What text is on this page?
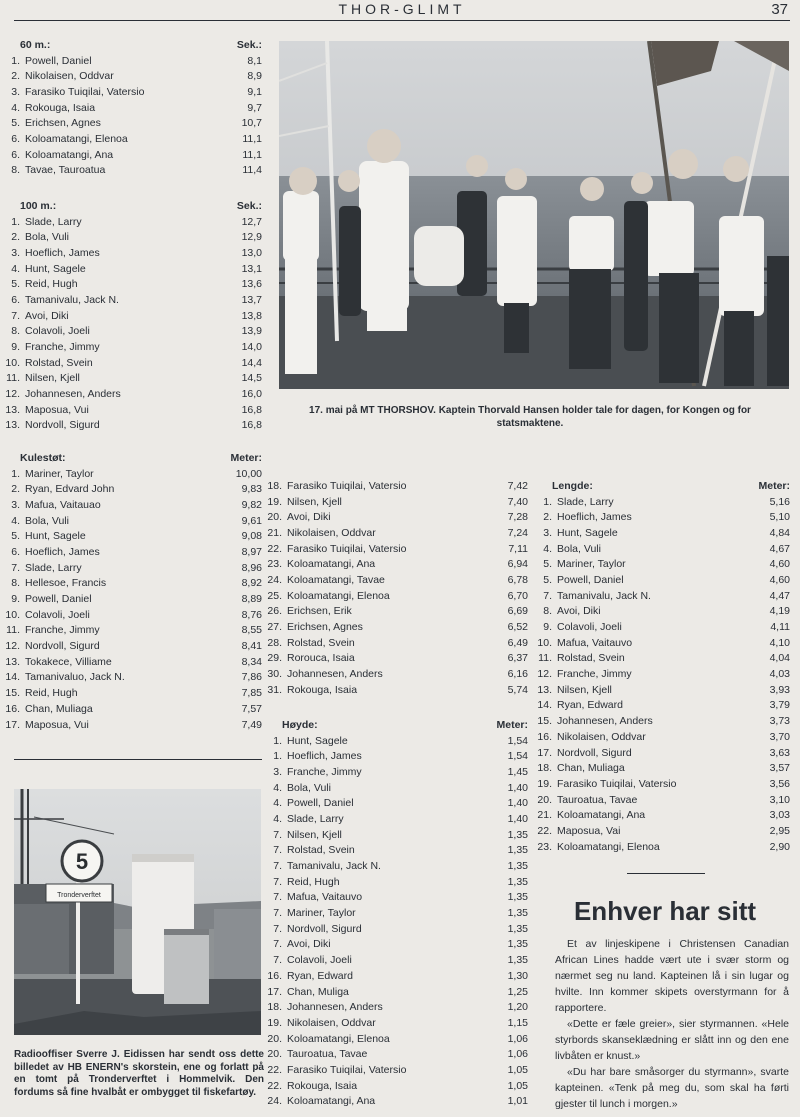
THOR-GLIMT	37
60 m.:	Sek.:
1. Powell, Daniel	8,1
2. Nikolaisen, Oddvar	8,9
3. Farasiko Tuiqilai, Vatersio	9,1
4. Rokouga, Isaia	9,7
5. Erichsen, Agnes	10,7
6. Koloamatangi, Elenoa	11,1
6. Koloamatangi, Ana	11,1
8. Tavae, Tauroatua	11,4
100 m.:	Sek.:
1. Slade, Larry	12,7
2. Bola, Vuli	12,9
3. Hoeflich, James	13,0
4. Hunt, Sagele	13,1
5. Reid, Hugh	13,6
6. Tamanivalu, Jack N.	13,7
7. Avoi, Diki	13,8
8. Colavoli, Joeli	13,9
9. Franche, Jimmy	14,0
10. Rolstad, Svein	14,4
11. Nilsen, Kjell	14,5
12. Johannesen, Anders	16,0
13. Maposua, Vui	16,8
13. Nordvoll, Sigurd	16,8
Kulestøt:	Meter:
1. Mariner, Taylor	10,00
2. Ryan, Edvard John	9,83
3. Mafua, Vaitauao	9,82
4. Bola, Vuli	9,61
5. Hunt, Sagele	9,08
6. Hoeflich, James	8,97
7. Slade, Larry	8,96
8. Hellesoe, Francis	8,92
9. Powell, Daniel	8,89
10. Colavoli, Joeli	8,76
11. Franche, Jimmy	8,55
12. Nordvoll, Sigurd	8,41
13. Tokakece, Villiame	8,34
14. Tamanivaluo, Jack N.	7,86
15. Reid, Hugh	7,85
16. Chan, Muliaga	7,57
17. Maposua, Vui	7,49
18. Farasiko Tuiqilai, Vatersio	7,42
19. Nilsen, Kjell	7,40
20. Avoi, Diki	7,28
21. Nikolaisen, Oddvar	7,24
22. Farasiko Tuiqilai, Vatersio	7,11
23. Koloamatangi, Ana	6,94
24. Koloamatangi, Tavae	6,78
25. Koloamatangi, Elenoa	6,70
26. Erichsen, Erik	6,69
27. Erichsen, Agnes	6,52
28. Rolstad, Svein	6,49
29. Rorouca, Isaia	6,37
30. Johannesen, Anders	6,16
31. Rokouga, Isaia	5,74
Høyde:	Meter:
1. Hunt, Sagele	1,54
1. Hoeflich, James	1,54
3. Franche, Jimmy	1,45
4. Bola, Vuli	1,40
4. Powell, Daniel	1,40
4. Slade, Larry	1,40
7. Nilsen, Kjell	1,35
7. Rolstad, Svein	1,35
7. Tamanivalu, Jack N.	1,35
7. Reid, Hugh	1,35
7. Mafua, Vaitauvo	1,35
7. Mariner, Taylor	1,35
7. Nordvoll, Sigurd	1,35
7. Avoi, Diki	1,35
7. Colavoli, Joeli	1,35
16. Ryan, Edward	1,30
17. Chan, Muliga	1,25
18. Johannesen, Anders	1,20
19. Nikolaisen, Oddvar	1,15
20. Koloamatangi, Elenoa	1,06
20. Tauroatua, Tavae	1,06
22. Farasiko Tuiqilai, Vatersio	1,05
22. Rokouga, Isaia	1,05
24. Koloamatangi, Ana	1,01
Lengde:	Meter:
1. Slade, Larry	5,16
2. Hoeflich, James	5,10
3. Hunt, Sagele	4,84
4. Bola, Vuli	4,67
5. Mariner, Taylor	4,60
5. Powell, Daniel	4,60
7. Tamanivalu, Jack N.	4,47
8. Avoi, Diki	4,19
9. Colavoli, Joeli	4,11
10. Mafua, Vaitauvo	4,10
11. Rolstad, Svein	4,04
12. Franche, Jimmy	4,03
13. Nilsen, Kjell	3,93
14. Ryan, Edward	3,79
15. Johannesen, Anders	3,73
16. Nikolaisen, Oddvar	3,70
17. Nordvoll, Sigurd	3,63
18. Chan, Muliaga	3,57
19. Farasiko Tuiqilai, Vatersio	3,56
20. Tauroatua, Tavae	3,10
21. Koloamatangi, Ana	3,03
22. Maposua, Vai	2,95
23. Koloamatangi, Elenoa	2,90
17. mai på MT THORSHOV. Kaptein Thorvald Hansen holder tale for dagen, for Kongen og for statsmaktene.
5
Tronderverftet
Radiooffiser Sverre J. Eidissen har sendt oss dette billedet av HB ENERN's skorstein, ene og forlatt på en tomt på Tronderverftet i Hommelvik. Den fordums så fine hvalbåt er ombygget til fiskefartøy.
Enhver har sitt

Et av linjeskipene i Christensen Canadian African Lines hadde vært ute i svær storm og nærmet seg nu land. Kapteinen lå i sin lugar og hvilte. Inn kommer skipets overstyrmann for å rapportere.

«Dette er fæle greier», sier styrmannen. «Hele styrbords skanseklædning er slått inn og den ene livbåten er knust.»

«Du har bare småsorger du styrmann», svarte kapteinen. «Tenk på meg du, som skal ha førti gjester til lunch i morgen.»
